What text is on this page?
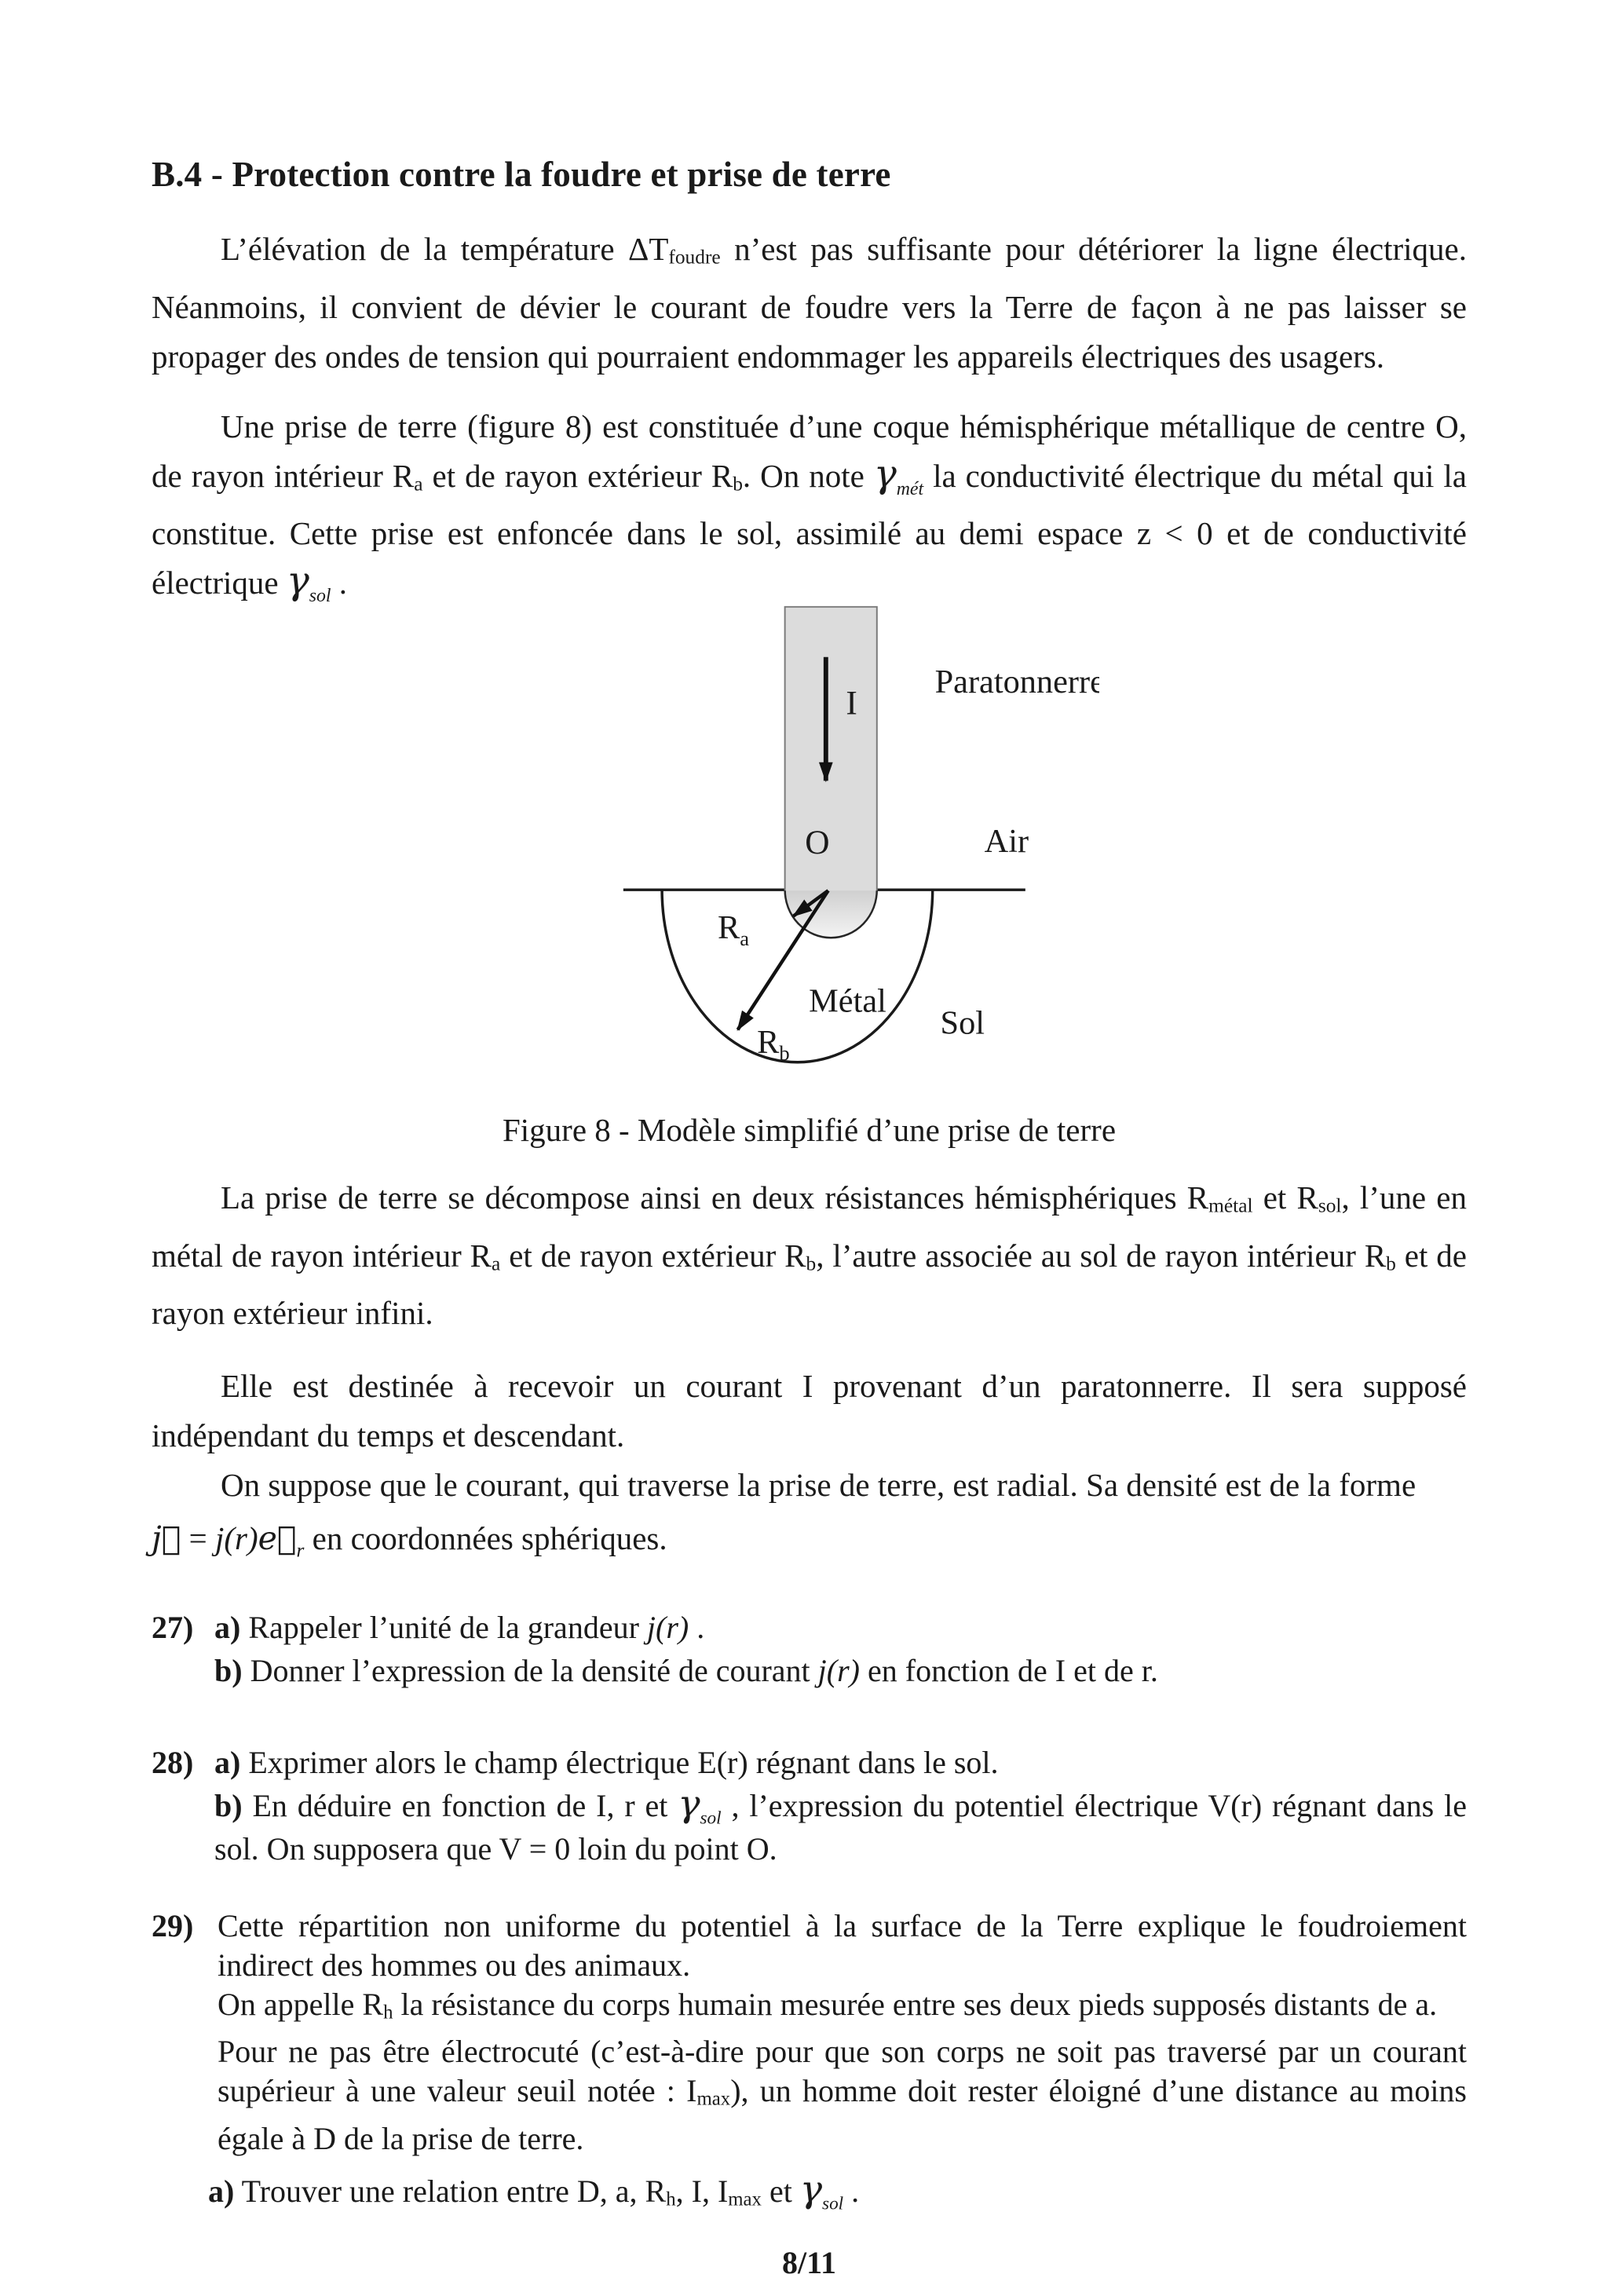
B.4 - Protection contre la foudre et prise de terre

L’élévation de la température ΔTfoudre n’est pas suffisante pour détériorer la ligne électrique. Néanmoins, il convient de dévier le courant de foudre vers la Terre de façon à ne pas laisser se propager des ondes de tension qui pourraient endommager les appareils électriques des usagers.

Une prise de terre (figure 8) est constituée d’une coque hémisphérique métallique de centre O, de rayon intérieur Ra et de rayon extérieur Rb. On note $\gamma_{mét}$ la conductivité électrique du métal qui la constitue. Cette prise est enfoncée dans le sol, assimilé au demi espace z < 0 et de conductivité électrique $\gamma_{sol}$ .

I
Paratonnerre
Air
O
$R_a$
$R_b$
Métal
Sol
Figure 8 - Modèle simplifié d’une prise de terre

La prise de terre se décompose ainsi en deux résistances hémisphériques Rmétal et Rsol, l’une en métal de rayon intérieur Ra et de rayon extérieur Rb, l’autre associée au sol de rayon intérieur Rb et de rayon extérieur infini.

Elle est destinée à recevoir un courant I provenant d’un paratonnerre. Il sera supposé indépendant du temps et descendant.

On suppose que le courant, qui traverse la prise de terre, est radial. Sa densité est de la forme
j⃗ = $j(r)e⃗_r$ en coordonnées sphériques.
27) a) Rappeler l’unité de la grandeur j(r) .
b) Donner l’expression de la densité de courant j(r) en fonction de I et de r.
28) a) Exprimer alors le champ électrique E(r) régnant dans le sol.
b) En déduire en fonction de I, r et $\gamma_{sol}$ , l’expression du potentiel électrique V(r) régnant dans le sol. On supposera que V = 0 loin du point O.
29) Cette répartition non uniforme du potentiel à la surface de la Terre explique le foudroiement indirect des hommes ou des animaux.

On appelle Rh la résistance du corps humain mesurée entre ses deux pieds supposés distants de a.

Pour ne pas être électrocuté (c’est-à-dire pour que son corps ne soit pas traversé par un courant supérieur à une valeur seuil notée : Imax), un homme doit rester éloigné d’une distance au moins égale à D de la prise de terre.

a) Trouver une relation entre D, a, Rh, I, Imax et $\gamma_{sol}$ .
8/11
